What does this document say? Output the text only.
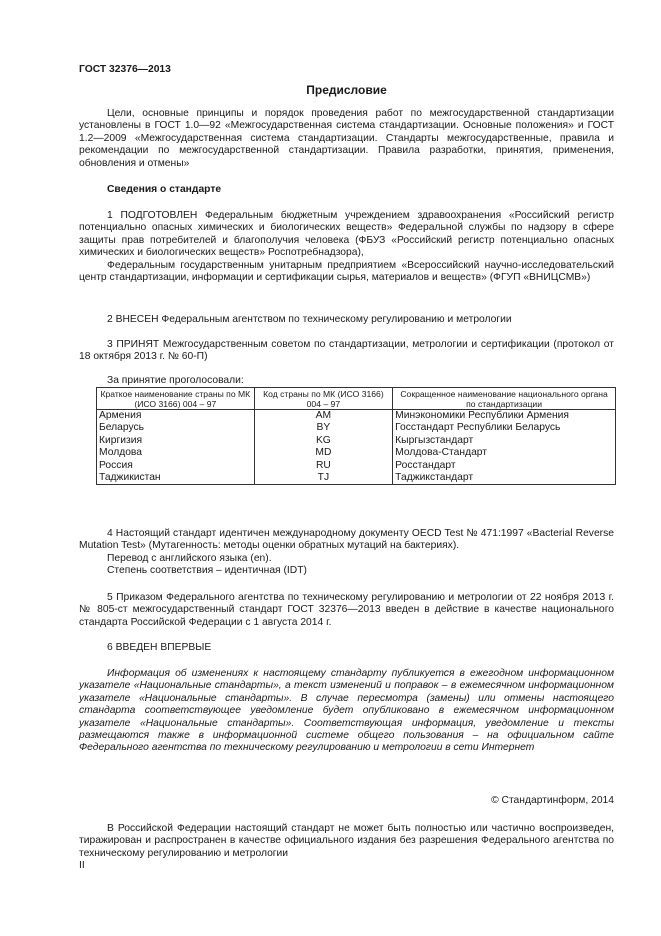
ГОСТ 32376—2013
Предисловие

Цели, основные принципы и порядок проведения работ по межгосударственной стандартизации установлены в ГОСТ 1.0—92 «Межгосударственная система стандартизации. Основные положения» и ГОСТ 1.2—2009 «Межгосударственная система стандартизации. Стандарты межгосударственные, правила и рекомендации по межгосударственной стандартизации. Правила разработки, принятия, применения, обновления и отмены»

Сведения о стандарте

1 ПОДГОТОВЛЕН Федеральным бюджетным учреждением здравоохранения «Российский регистр потенциально опасных химических и биологических веществ» Федеральной службы по надзору в сфере защиты прав потребителей и благополучия человека (ФБУЗ «Российский регистр потенциально опасных химических и биологических веществ» Роспотребнадзора),

Федеральным государственным унитарным предприятием «Всероссийский научно-исследовательский центр стандартизации, информации и сертификации сырья, материалов и веществ» (ФГУП «ВНИЦСМВ»)

2 ВНЕСЕН Федеральным агентством по техническому регулированию и метрологии

3 ПРИНЯТ Межгосударственным советом по стандартизации, метрологии и сертификации (протокол от 18 октября 2013 г. № 60-П)

За принятие проголосовали:

Краткое наименование страны по МК (ИСО 3166) 004 – 97	Код страны по МК (ИСО 3166) 004 – 97	Сокращенное наименование национального органа по стандартизации
Армения	AM	Минэкономики Республики Армения
Беларусь	BY	Госстандарт Республики Беларусь
Киргизия	KG	Кыргызстандарт
Молдова	MD	Молдова-Стандарт
Россия	RU	Росстандарт
Таджикистан	TJ	Таджикстандарт

4 Настоящий стандарт идентичен международному документу OECD Test № 471:1997 «Bacterial Reverse Mutation Test» (Мутагенность: методы оценки обратных мутаций на бактериях).

Перевод с английского языка (en).

Степень соответствия – идентичная (IDT)

5 Приказом Федерального агентства по техническому регулированию и метрологии от 22 ноября 2013 г. № 805-ст межгосударственный стандарт ГОСТ 32376—2013 введен в действие в качестве национального стандарта Российской Федерации с 1 августа 2014 г.

6 ВВЕДЕН ВПЕРВЫЕ

Информация об изменениях к настоящему стандарту публикуется в ежегодном информационном указателе «Национальные стандарты», а текст изменений и поправок – в ежемесячном информационном указателе «Национальные стандарты». В случае пересмотра (замены) или отмены настоящего стандарта соответствующее уведомление будет опубликовано в ежемесячном информационном указателе «Национальные стандарты». Соответствующая информация, уведомление и тексты размещаются также в информационной системе общего пользования – на официальном сайте Федерального агентства по техническому регулированию и метрологии в сети Интернет

© Стандартинформ, 2014

В Российской Федерации настоящий стандарт не может быть полностью или частично воспроизведен, тиражирован и распространен в качестве официального издания без разрешения Федерального агентства по техническому регулированию и метрологии

II
